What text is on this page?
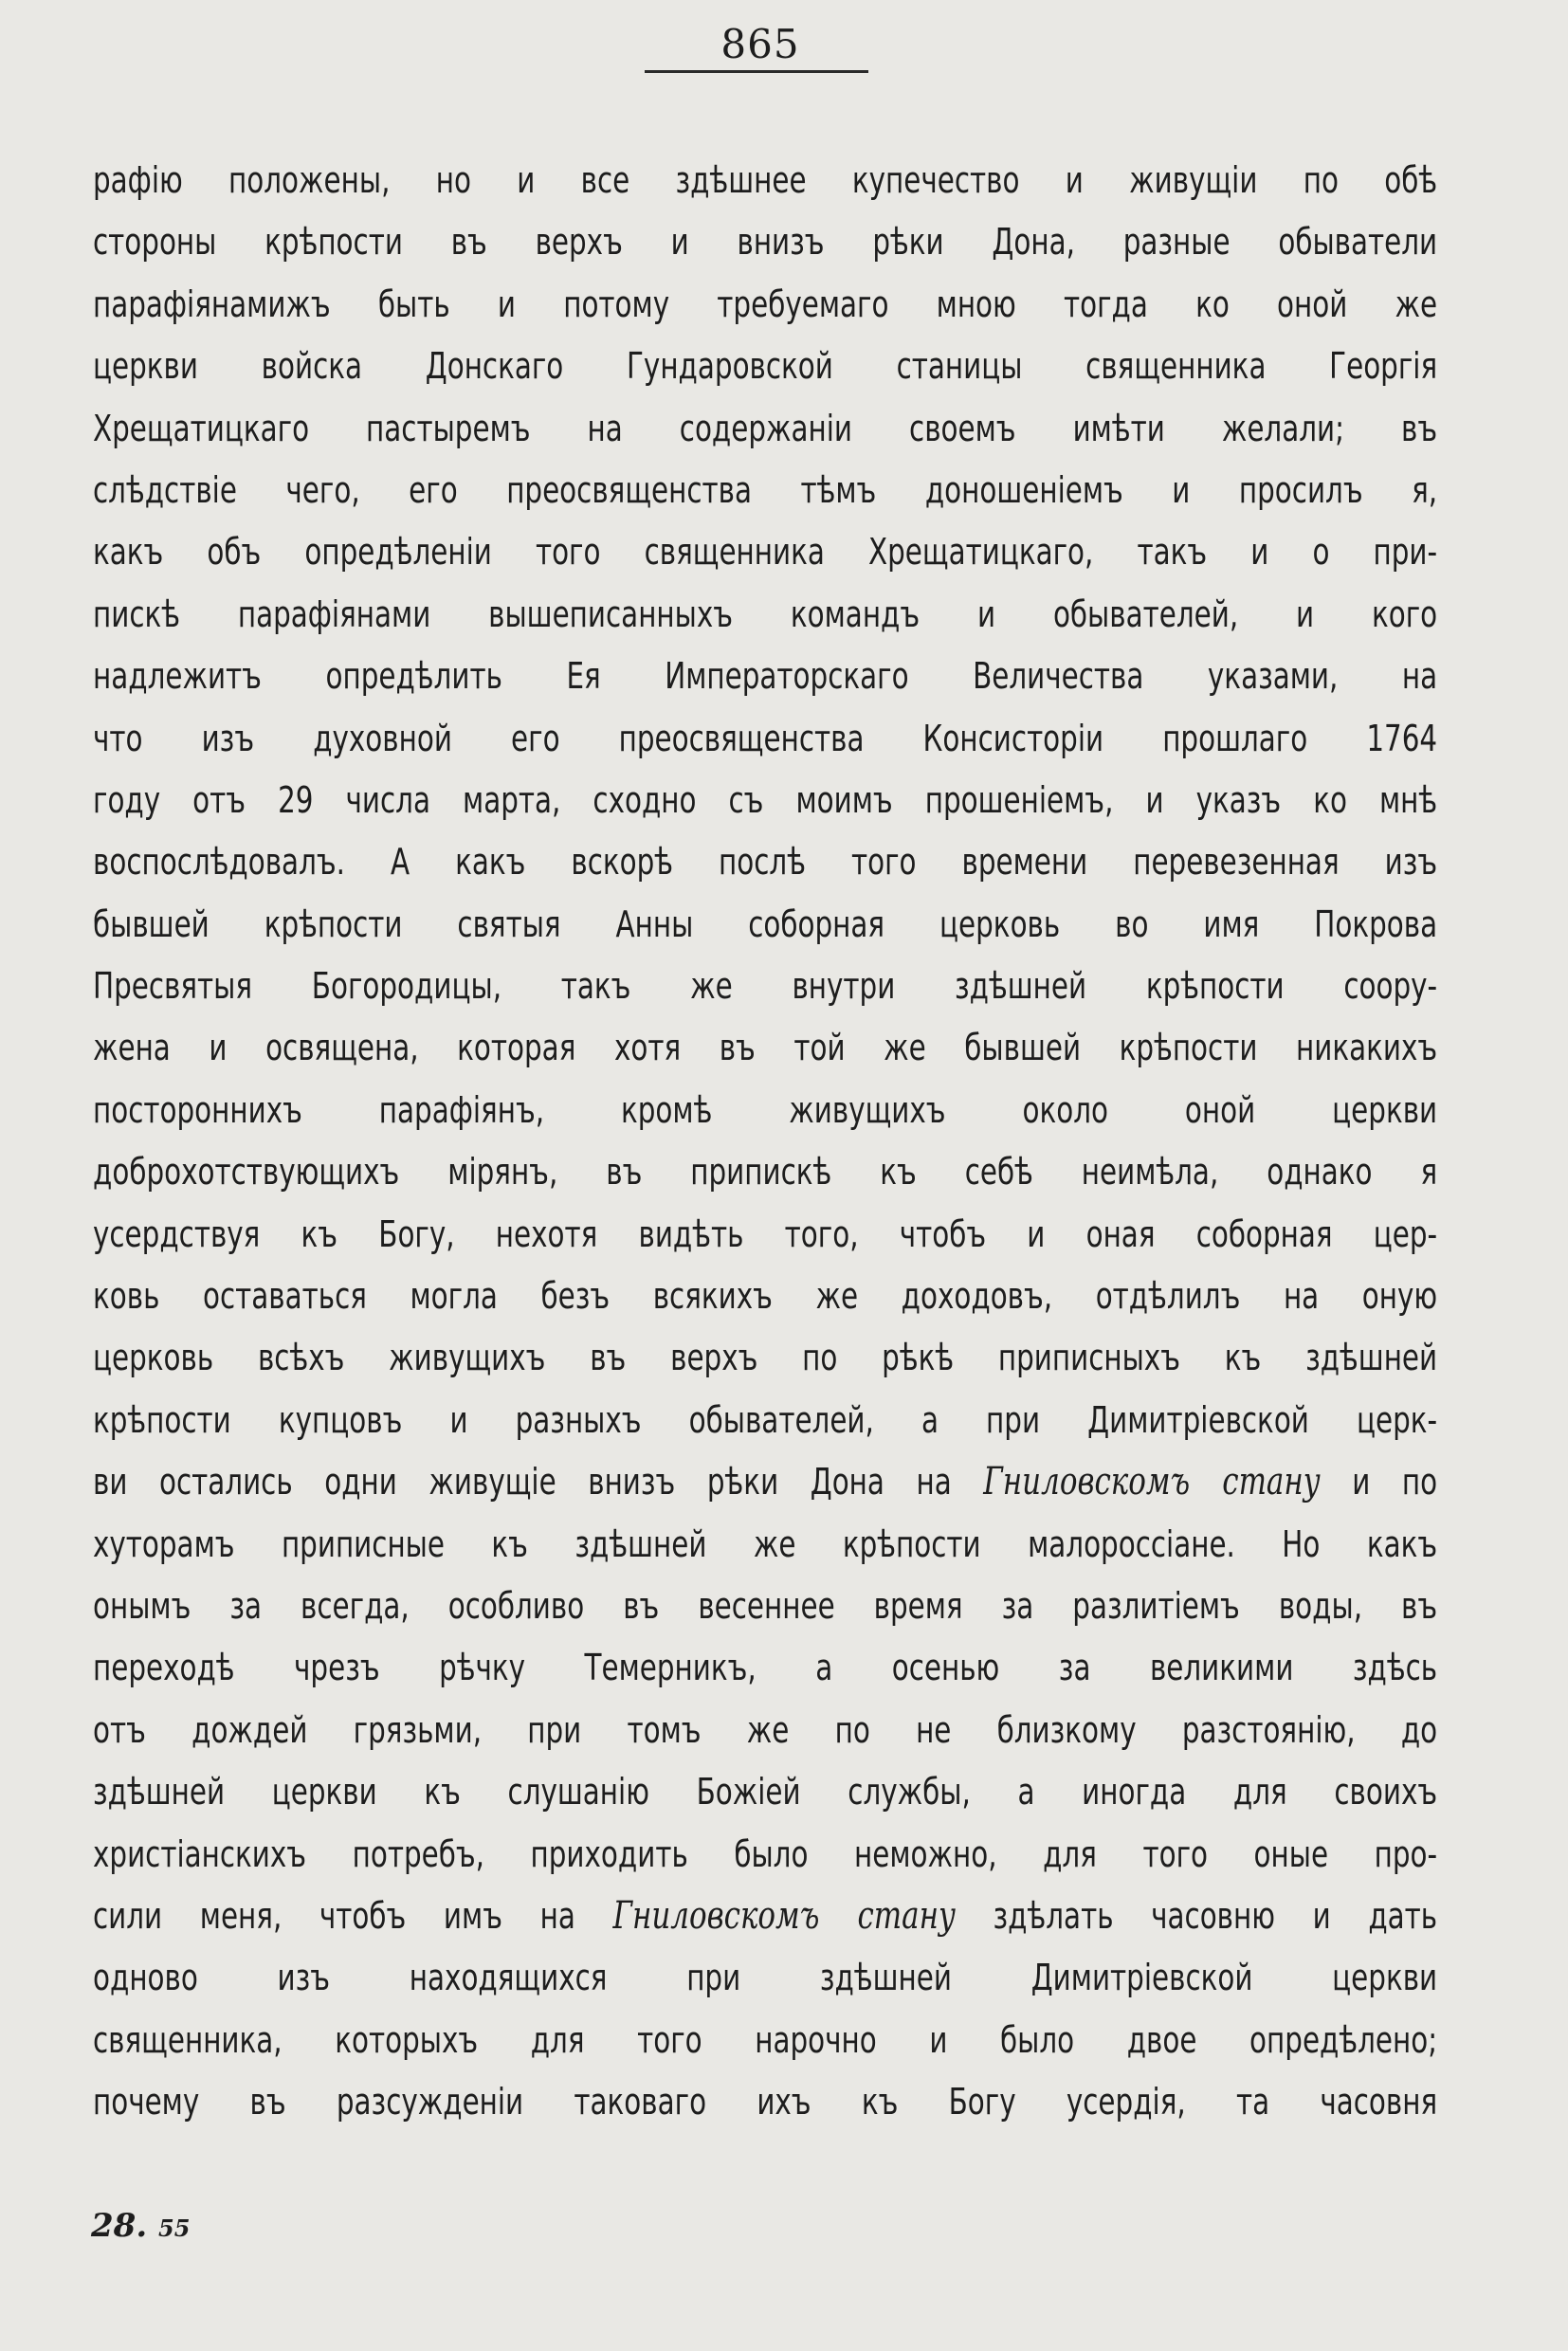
865
рафію положены, но и все здѣшнее купечество и живущіи по обѣ
стороны крѣпости въ верхъ и внизъ рѣки Дона, разные обыватели
парафіянамижъ быть и потому требуемаго мною тогда ко оной же
церкви войска Донскаго Гундаровской станицы священника Георгія
Хрещатицкаго пастыремъ на содержаніи своемъ имѣти желали; въ
слѣдствіе чего, его преосвященства тѣмъ доношеніемъ и просилъ я,
какъ объ опредѣленіи того священника Хрещатицкаго, такъ и о при-
пискѣ парафіянами вышеписанныхъ командъ и обывателей, и кого
надлежитъ опредѣлить Ея Императорскаго Величества указами, на
что изъ духовной его преосвященства Консисторіи прошлаго 1764
году отъ 29 числа марта, сходно съ моимъ прошеніемъ, и указъ ко мнѣ
воспослѣдовалъ. А какъ вскорѣ послѣ того времени перевезенная изъ
бывшей крѣпости святыя Анны соборная церковь во имя Покрова
Пресвятыя Богородицы, такъ же внутри здѣшней крѣпости соору-
жена и освящена, которая хотя въ той же бывшей крѣпости никакихъ
постороннихъ парафіянъ, кромѣ живущихъ около оной церкви
доброхотствующихъ мірянъ, въ припискѣ къ себѣ неимѣла, однако я
усердствуя къ Богу, нехотя видѣть того, чтобъ и оная соборная цер-
ковь оставаться могла безъ всякихъ же доходовъ, отдѣлилъ на оную
церковь всѣхъ живущихъ въ верхъ по рѣкѣ приписныхъ къ здѣшней
крѣпости купцовъ и разныхъ обывателей, а при Димитріевской церк-
ви остались одни живущіе внизъ рѣки Дона на Гниловскомъ стану и по
хуторамъ приписные къ здѣшней же крѣпости малороссіане. Но какъ
онымъ за всегда, особливо въ весеннее время за разлитіемъ воды, въ
переходѣ чрезъ рѣчку Темерникъ, а осенью за великими здѣсь
отъ дождей грязьми, при томъ же по не близкому разстоянію, до
здѣшней церкви къ слушанію Божіей службы, а иногда для своихъ
христіанскихъ потребъ, приходить было неможно, для того оные про-
сили меня, чтобъ имъ на Гниловскомъ стану здѣлать часовню и дать
одново изъ находящихся при здѣшней Димитріевской церкви
священника, которыхъ для того нарочно и было двое опредѣлено;
почему въ разсужденіи таковаго ихъ къ Богу усердія, та часовня
28. 55
